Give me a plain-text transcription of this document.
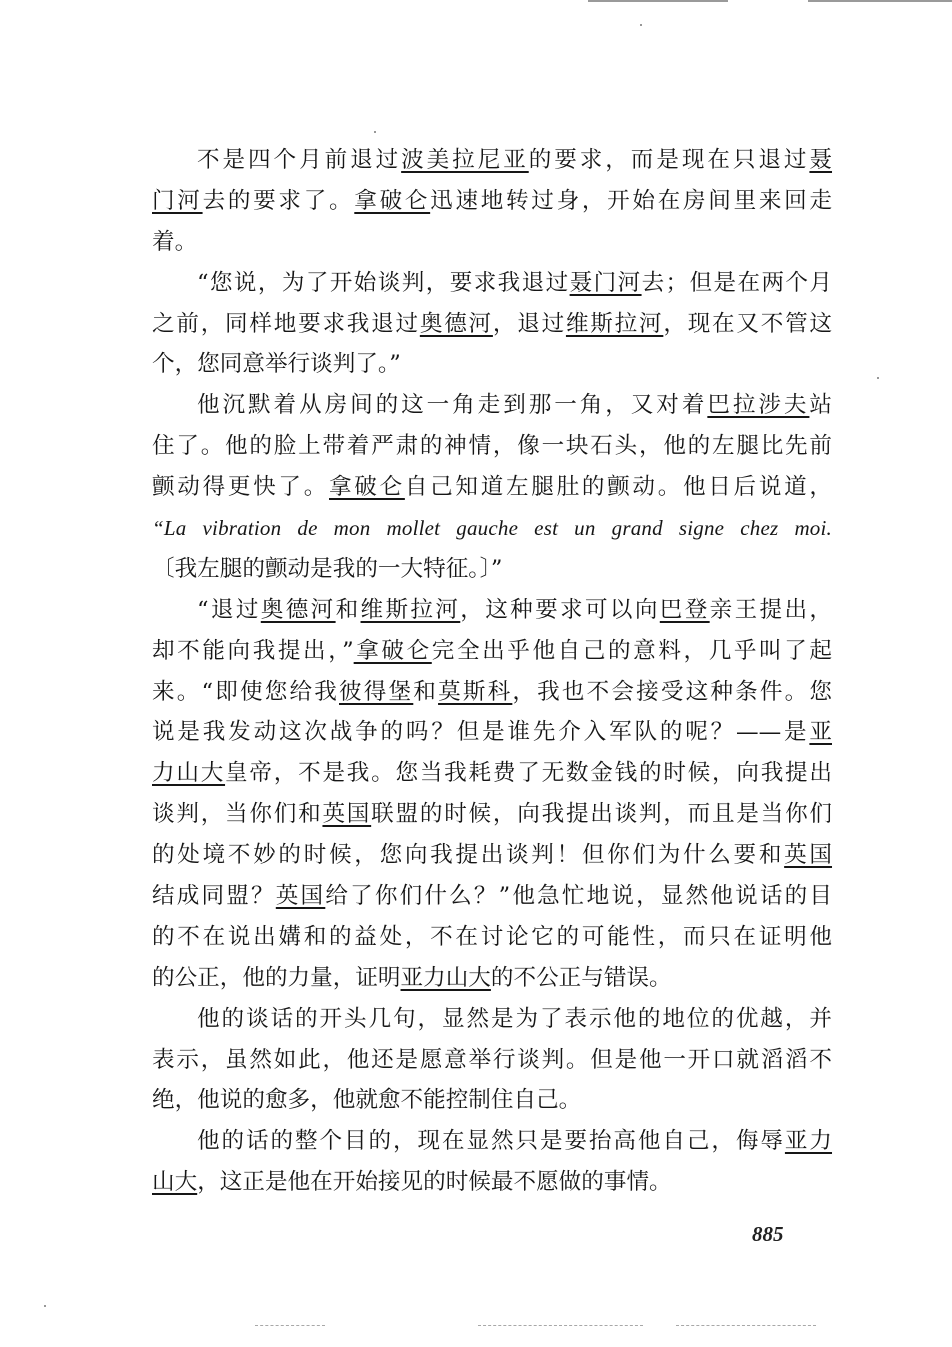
不是四个月前退过波美拉尼亚的要求，而是现在只退过聂
门河去的要求了。拿破仑迅速地转过身，开始在房间里来回走
着。

“您说，为了开始谈判，要求我退过聂门河去；但是在两个月
之前，同样地要求我退过奥德河，退过维斯拉河，现在又不管这
个，您同意举行谈判了。”

他沉默着从房间的这一角走到那一角，又对着巴拉涉夫站
住了。他的脸上带着严肃的神情，像一块石头，他的左腿比先前
颤动得更快了。拿破仑自己知道左腿肚的颤动。他日后说道，
“La vibration de mon mollet gauche est un grand signe chez moi.
〔我左腿的颤动是我的一大特征。〕”

“退过奥德河和维斯拉河，这种要求可以向巴登亲王提出，
却不能向我提出，”拿破仑完全出乎他自己的意料，几乎叫了起
来。“即使您给我彼得堡和莫斯科，我也不会接受这种条件。您
说是我发动这次战争的吗？但是谁先介入军队的呢？——是亚
力山大皇帝，不是我。您当我耗费了无数金钱的时候，向我提出
谈判，当你们和英国联盟的时候，向我提出谈判，而且是当你们
的处境不妙的时候，您向我提出谈判！但你们为什么要和英国
结成同盟？英国给了你们什么？”他急忙地说，显然他说话的目
的不在说出媾和的益处，不在讨论它的可能性，而只在证明他
的公正，他的力量，证明亚力山大的不公正与错误。

他的谈话的开头几句，显然是为了表示他的地位的优越，并
表示，虽然如此，他还是愿意举行谈判。但是他一开口就滔滔不
绝，他说的愈多，他就愈不能控制住自己。

他的话的整个目的，现在显然只是要抬高他自己，侮辱亚力
山大，这正是他在开始接见的时候最不愿做的事情。

885
